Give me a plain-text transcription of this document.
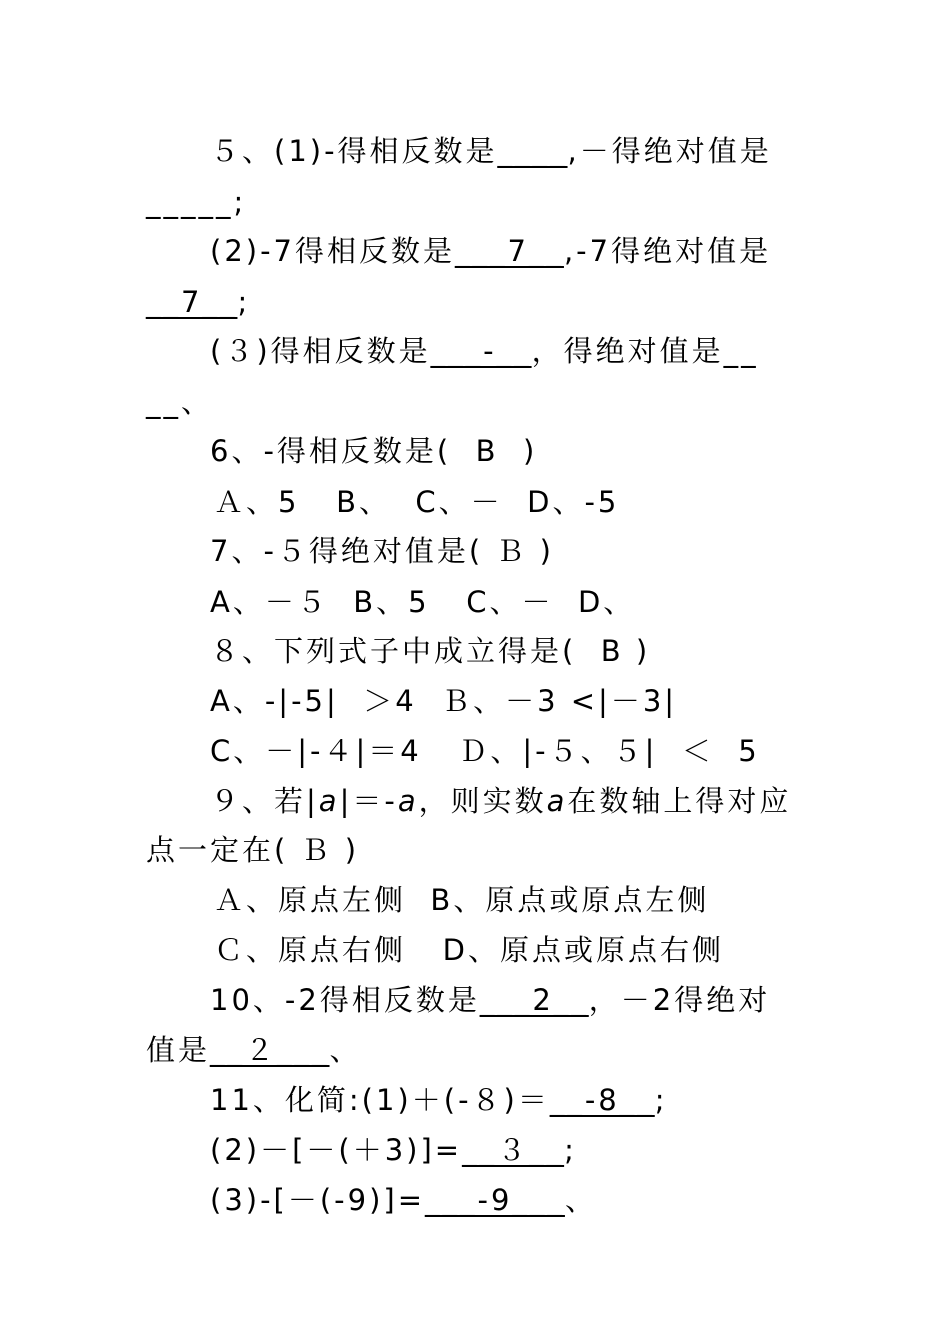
５、(1)-得相反数是____,－得绝对值是
_____;
(2)-7得相反数是___7__,-7得绝对值是
__7__;
(３)得相反数是___-__，得绝对值是__
__、
6、-得相反数是(  B  )
Ａ、5   B、  C、－  D、-5
7、-５得绝对值是( Ｂ )
A、－５  B、5   C、－  D、
８、下列式子中成立得是(  B )
A、-|-5|  ＞4  Ｂ、－3 <|－3|
C、－|-４|＝4   Ｄ、|-５、５|  ＜  5
９、若|a|＝-a，则实数a在数轴上得对应
点一定在( Ｂ )
Ａ、原点左侧  B、原点或原点左侧
Ｃ、原点右侧   D、原点或原点右侧
10、-2得相反数是___2__，－2得绝对
值是__２___、
11、化简:(1)＋(-８)＝__-8__;
(2)－[－(＋3)]=__３__;
(3)-[－(-9)]=___-9___、
